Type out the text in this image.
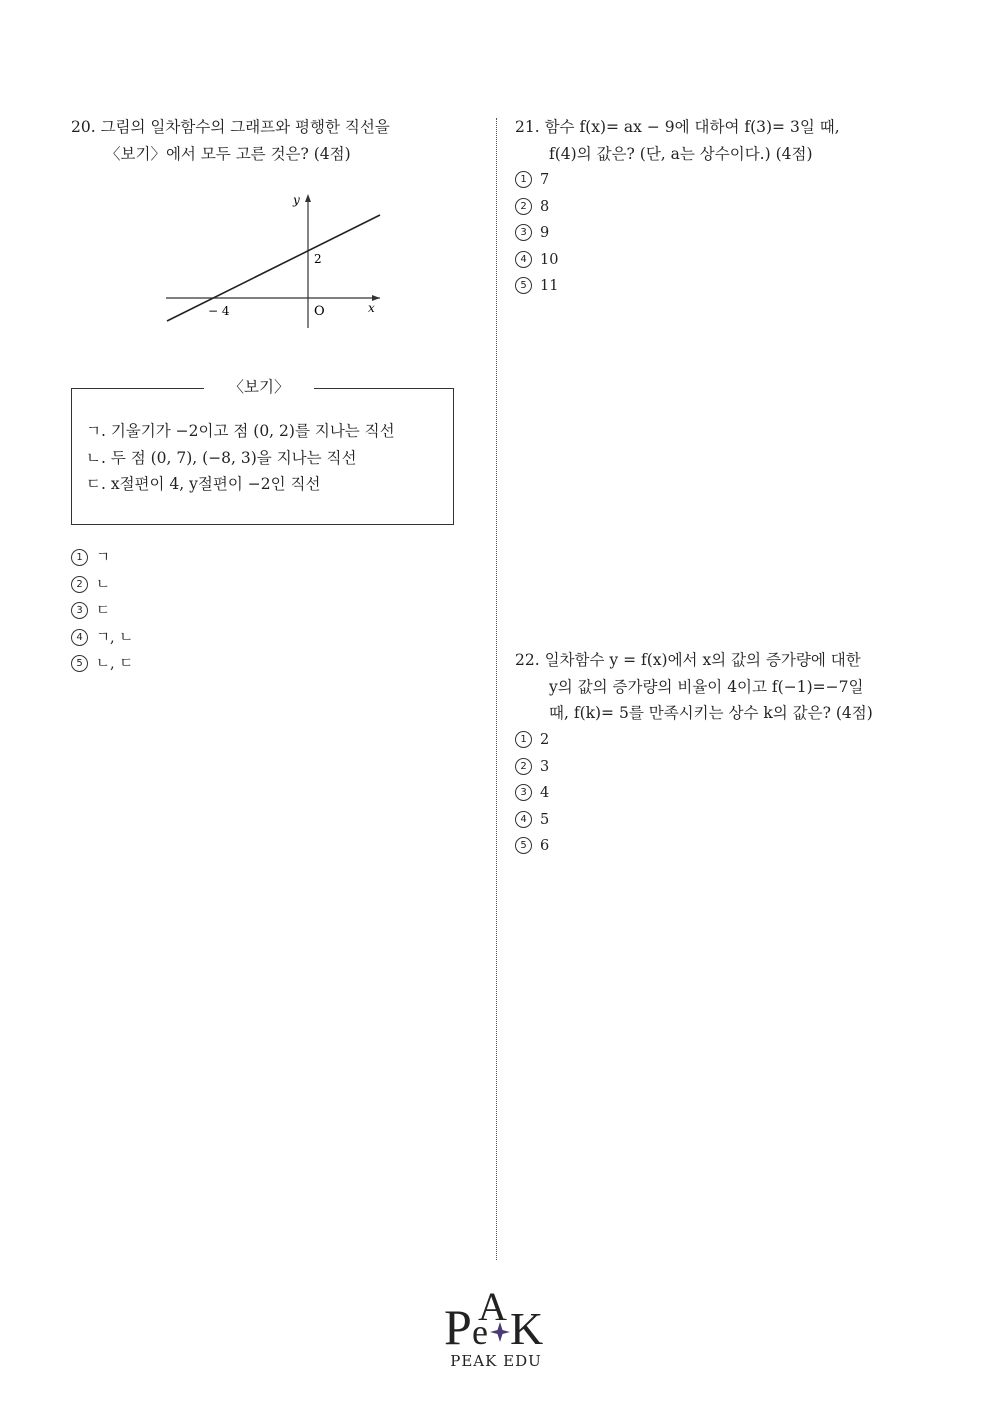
20. 그림의 일차함수의 그래프와 평행한 직선을
〈보기〉에서 모두 고른 것은? (4점)
y
x
2
− 4	O
〈보기〉
ㄱ. 기울기가 −2이고 점 (0, 2)를 지나는 직선
ㄴ. 두 점 (0, 7), (−8, 3)을 지나는 직선
ㄷ. x절편이 4, y절편이 −2인 직선
1 ㄱ
2 ㄴ
3 ㄷ
4 ㄱ, ㄴ
5 ㄴ, ㄷ
21. 함수 f(x)= ax − 9에 대하여 f(3)= 3일 때,
f(4)의 값은? (단, a는 상수이다.) (4점)
1 7
2 8
3 9
4 10
5 11
22. 일차함수 y = f(x)에서 x의 값의 증가량에 대한
y의 값의 증가량의 비율이 4이고 f(−1)=−7일
때, f(k)= 5를 만족시키는 상수 k의 값은? (4점)
1 2
2 3
3 4
4 5
5 6
P e
A K
PEAK EDU
